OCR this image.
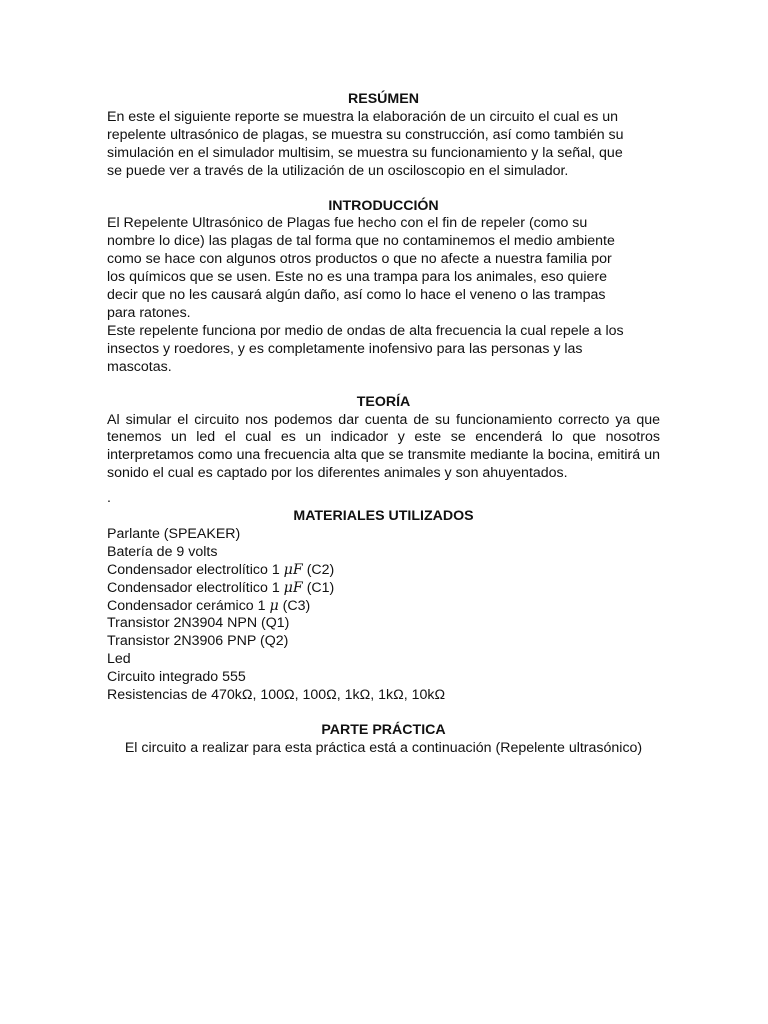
RESÚMEN

En este el siguiente reporte se muestra la elaboración de un circuito el cual es un

repelente ultrasónico de plagas, se muestra su construcción, así como también su

simulación en el simulador multisim, se muestra su funcionamiento y la señal, que

se puede ver a través de la utilización de un osciloscopio en el simulador.

INTRODUCCIÓN

El Repelente Ultrasónico de Plagas fue hecho con el fin de repeler (como su

nombre lo dice) las plagas de tal forma que no contaminemos el medio ambiente

como se hace con algunos otros productos o que no afecte a nuestra familia por

los químicos que se usen. Este no es una trampa para los animales, eso quiere

decir que no les causará algún daño, así como lo hace el veneno o las trampas

para ratones.

Este repelente funciona por medio de ondas de alta frecuencia la cual repele a los

insectos y roedores, y es completamente inofensivo para las personas y las

mascotas.

TEORÍA

Al simular el circuito nos podemos dar cuenta de su funcionamiento correcto ya que tenemos un led el cual es un indicador y este se encenderá lo que nosotros interpretamos como una frecuencia alta que se transmite mediante la bocina, emitirá un sonido el cual es captado por los diferentes animales y son ahuyentados.

.

MATERIALES UTILIZADOS

Parlante (SPEAKER)
Batería de 9 volts
Condensador electrolítico 1 μF (C2)
Condensador electrolítico 1 μF (C1)
Condensador cerámico 1 μ (C3)
Transistor 2N3904 NPN (Q1)
Transistor 2N3906 PNP (Q2)
Led
Circuito integrado 555
Resistencias de 470kΩ, 100Ω, 100Ω, 1kΩ, 1kΩ, 10kΩ

PARTE PRÁCTICA

El circuito a realizar para esta práctica está a continuación (Repelente ultrasónico)
